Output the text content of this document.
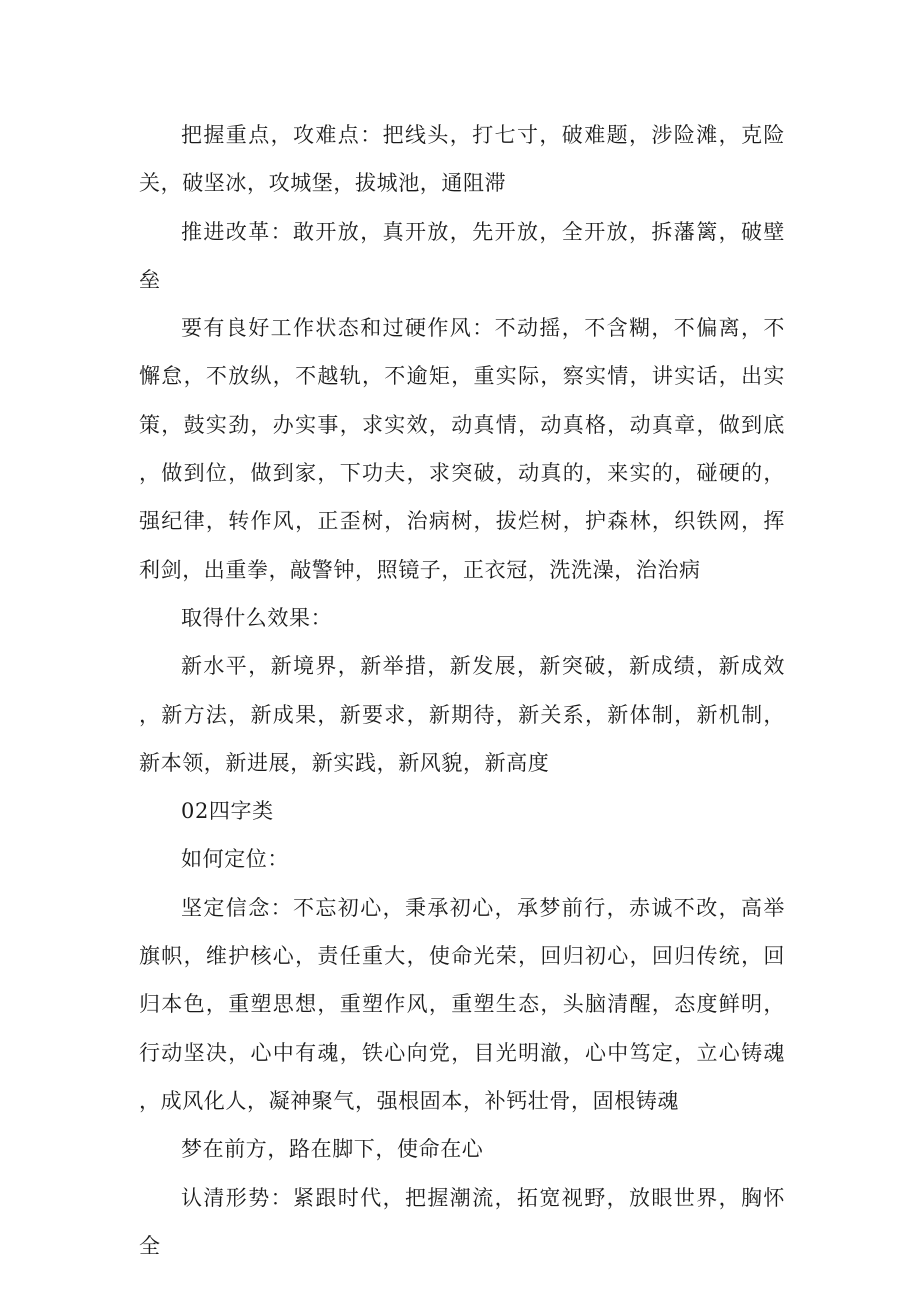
把握重点，攻难点：把线头，打七寸，破难题，涉险滩，克险关，破坚冰，攻城堡，拔城池，通阻滞

推进改革：敢开放，真开放，先开放，全开放，拆藩篱，破壁垒

要有良好工作状态和过硬作风：不动摇，不含糊，不偏离，不懈怠，不放纵，不越轨，不逾矩，重实际，察实情，讲实话，出实策，鼓实劲，办实事，求实效，动真情，动真格，动真章，做到底，做到位，做到家，下功夫，求突破，动真的，来实的，碰硬的，强纪律，转作风，正歪树，治病树，拔烂树，护森林，织铁网，挥利剑，出重拳，敲警钟，照镜子，正衣冠，洗洗澡，治治病

取得什么效果：

新水平，新境界，新举措，新发展，新突破，新成绩，新成效，新方法，新成果，新要求，新期待，新关系，新体制，新机制，新本领，新进展，新实践，新风貌，新高度

02四字类

如何定位：

坚定信念：不忘初心，秉承初心，承梦前行，赤诚不改，高举旗帜，维护核心，责任重大，使命光荣，回归初心，回归传统，回归本色，重塑思想，重塑作风，重塑生态，头脑清醒，态度鲜明，行动坚决，心中有魂，铁心向党，目光明澈，心中笃定，立心铸魂，成风化人，凝神聚气，强根固本，补钙壮骨，固根铸魂

梦在前方，路在脚下，使命在心

认清形势：紧跟时代，把握潮流，拓宽视野，放眼世界，胸怀全
